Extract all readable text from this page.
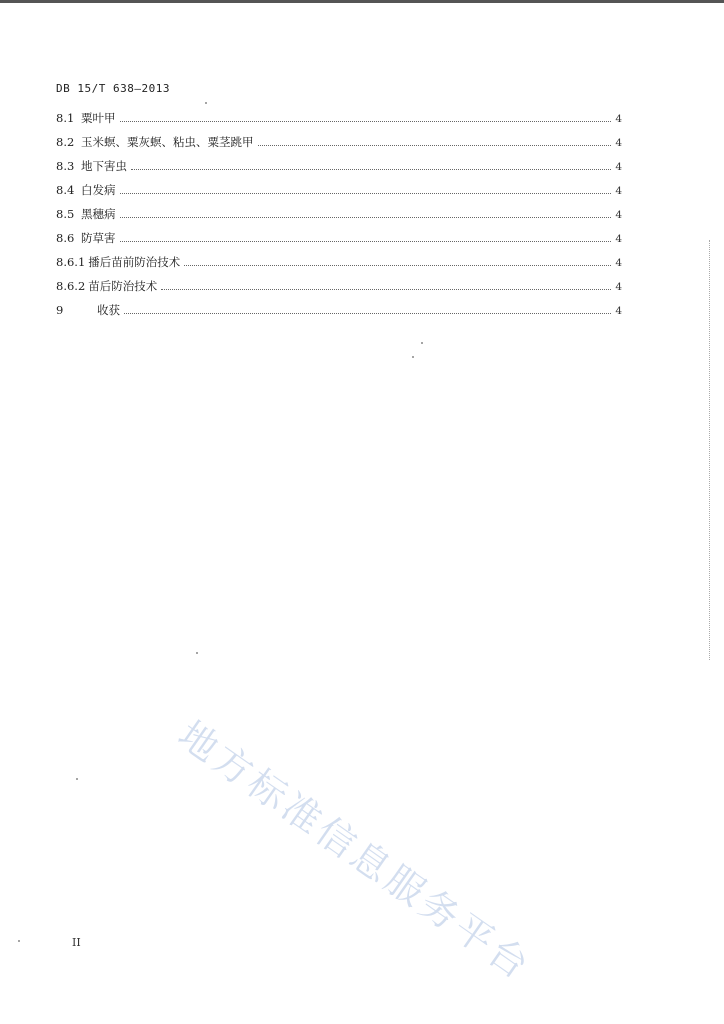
DB 15/T 638—2013
8.1 粟叶甲	4
8.2 玉米螟、粟灰螟、粘虫、粟茎跳甲	4
8.3 地下害虫	4
8.4 白发病	4
8.5 黑穗病	4
8.6 防草害	4
8.6.1 播后苗前防治技术	4
8.6.2 苗后防治技术	4
9	收获	4
地方标准信息服务平台
II
